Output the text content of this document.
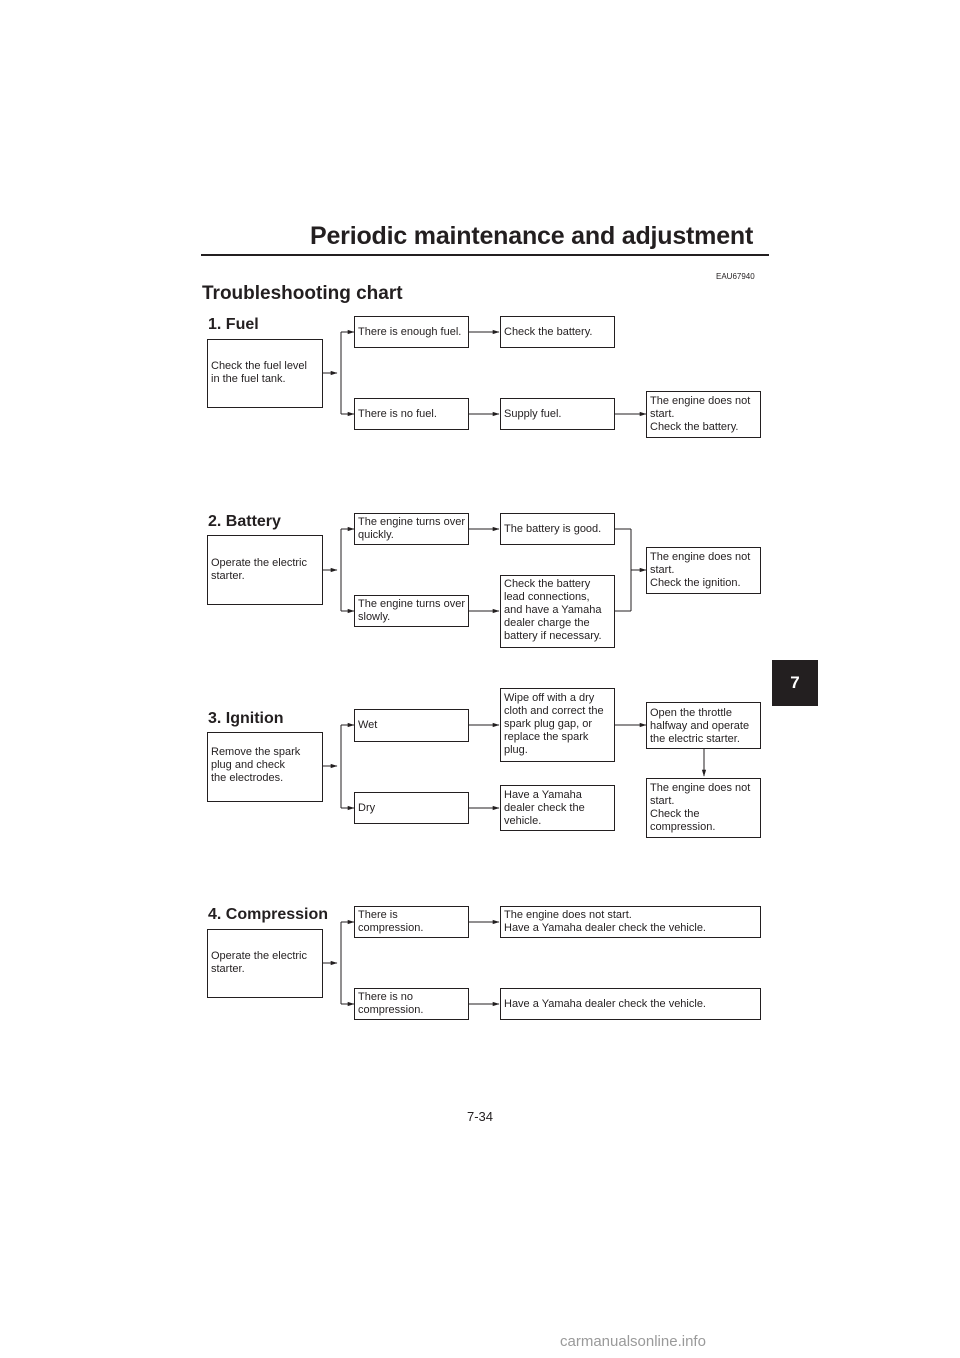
Periodic maintenance and adjustment
EAU67940
Troubleshooting chart
1. Fuel
Check the fuel level
in the fuel tank.
There is enough fuel.	Check the battery.
There is no fuel.	Supply fuel.
The engine does not
start.
Check the battery.
2. Battery
Operate the electric
starter.
The engine turns over
quickly.
The battery is good.
The engine turns over
slowly.
Check the battery
lead connections,
and have a Yamaha
dealer charge the
battery if necessary.
The engine does not
start.
Check the ignition.
3. Ignition
Remove the spark
plug and check
the electrodes.
Wet
Wipe off with a dry
cloth and correct the
spark plug gap, or
replace the spark
plug.
Open the throttle
halfway and operate
the electric starter.
Dry
Have a Yamaha
dealer check the
vehicle.
The engine does not
start.
Check the
compression.
4. Compression
Operate the electric
starter.
There is compression.
The engine does not start.
Have a Yamaha dealer check the vehicle.
There is no
compression.
Have a Yamaha dealer check the vehicle.
7
7-34
carmanualsonline.info
